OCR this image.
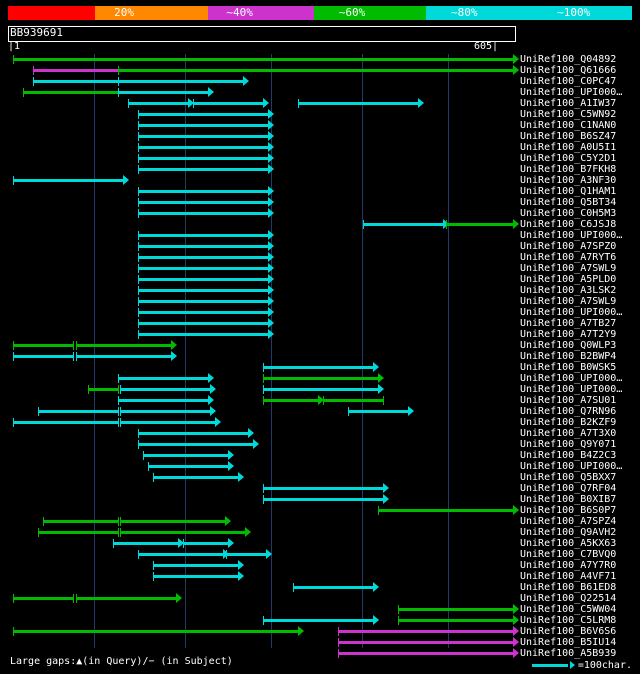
20%	~40%	~60%	~80%	~100%
BB939691
|1	605|
UniRef100_Q04892
UniRef100_Q61666
UniRef100_C0PC47
UniRef100_UPI000…
UniRef100_A1IW37
UniRef100_C5WN92
UniRef100_C1NAN0
UniRef100_B6SZ47
UniRef100_A0U5I1
UniRef100_C5Y2D1
UniRef100_B7FKH8
UniRef100_A3NF30
UniRef100_Q1HAM1
UniRef100_Q5BT34
UniRef100_C0H5M3
UniRef100_C6JSJ8
UniRef100_UPI000…
UniRef100_A7SPZ0
UniRef100_A7RYT6
UniRef100_A7SWL9
UniRef100_A5PLD0
UniRef100_A3LSK2
UniRef100_A7SWL9
UniRef100_UPI000…
UniRef100_A7TB27
UniRef100_A7T2Y9
UniRef100_Q0WLP3
UniRef100_B2BWP4
UniRef100_B0WSK5
UniRef100_UPI000…
UniRef100_UPI000…
UniRef100_A7SU01
UniRef100_Q7RN96
UniRef100_B2KZF9
UniRef100_A7T3X0
UniRef100_Q9Y071
UniRef100_B4Z2C3
UniRef100_UPI000…
UniRef100_Q5BXX7
UniRef100_Q7RF04
UniRef100_B0XIB7
UniRef100_B6S0P7
UniRef100_A7SPZ4
UniRef100_Q9AVH2
UniRef100_A5KX63
UniRef100_C7BVQ0
UniRef100_A7Y7R0
UniRef100_A4VF71
UniRef100_B61ED8
UniRef100_Q22514
UniRef100_C5WW04
UniRef100_C5LRM8
UniRef100_B6V6S6
UniRef100_B5IU14
UniRef100_A5B939
Large gaps:▲(in Query)/− (in Subject)	=100char.
